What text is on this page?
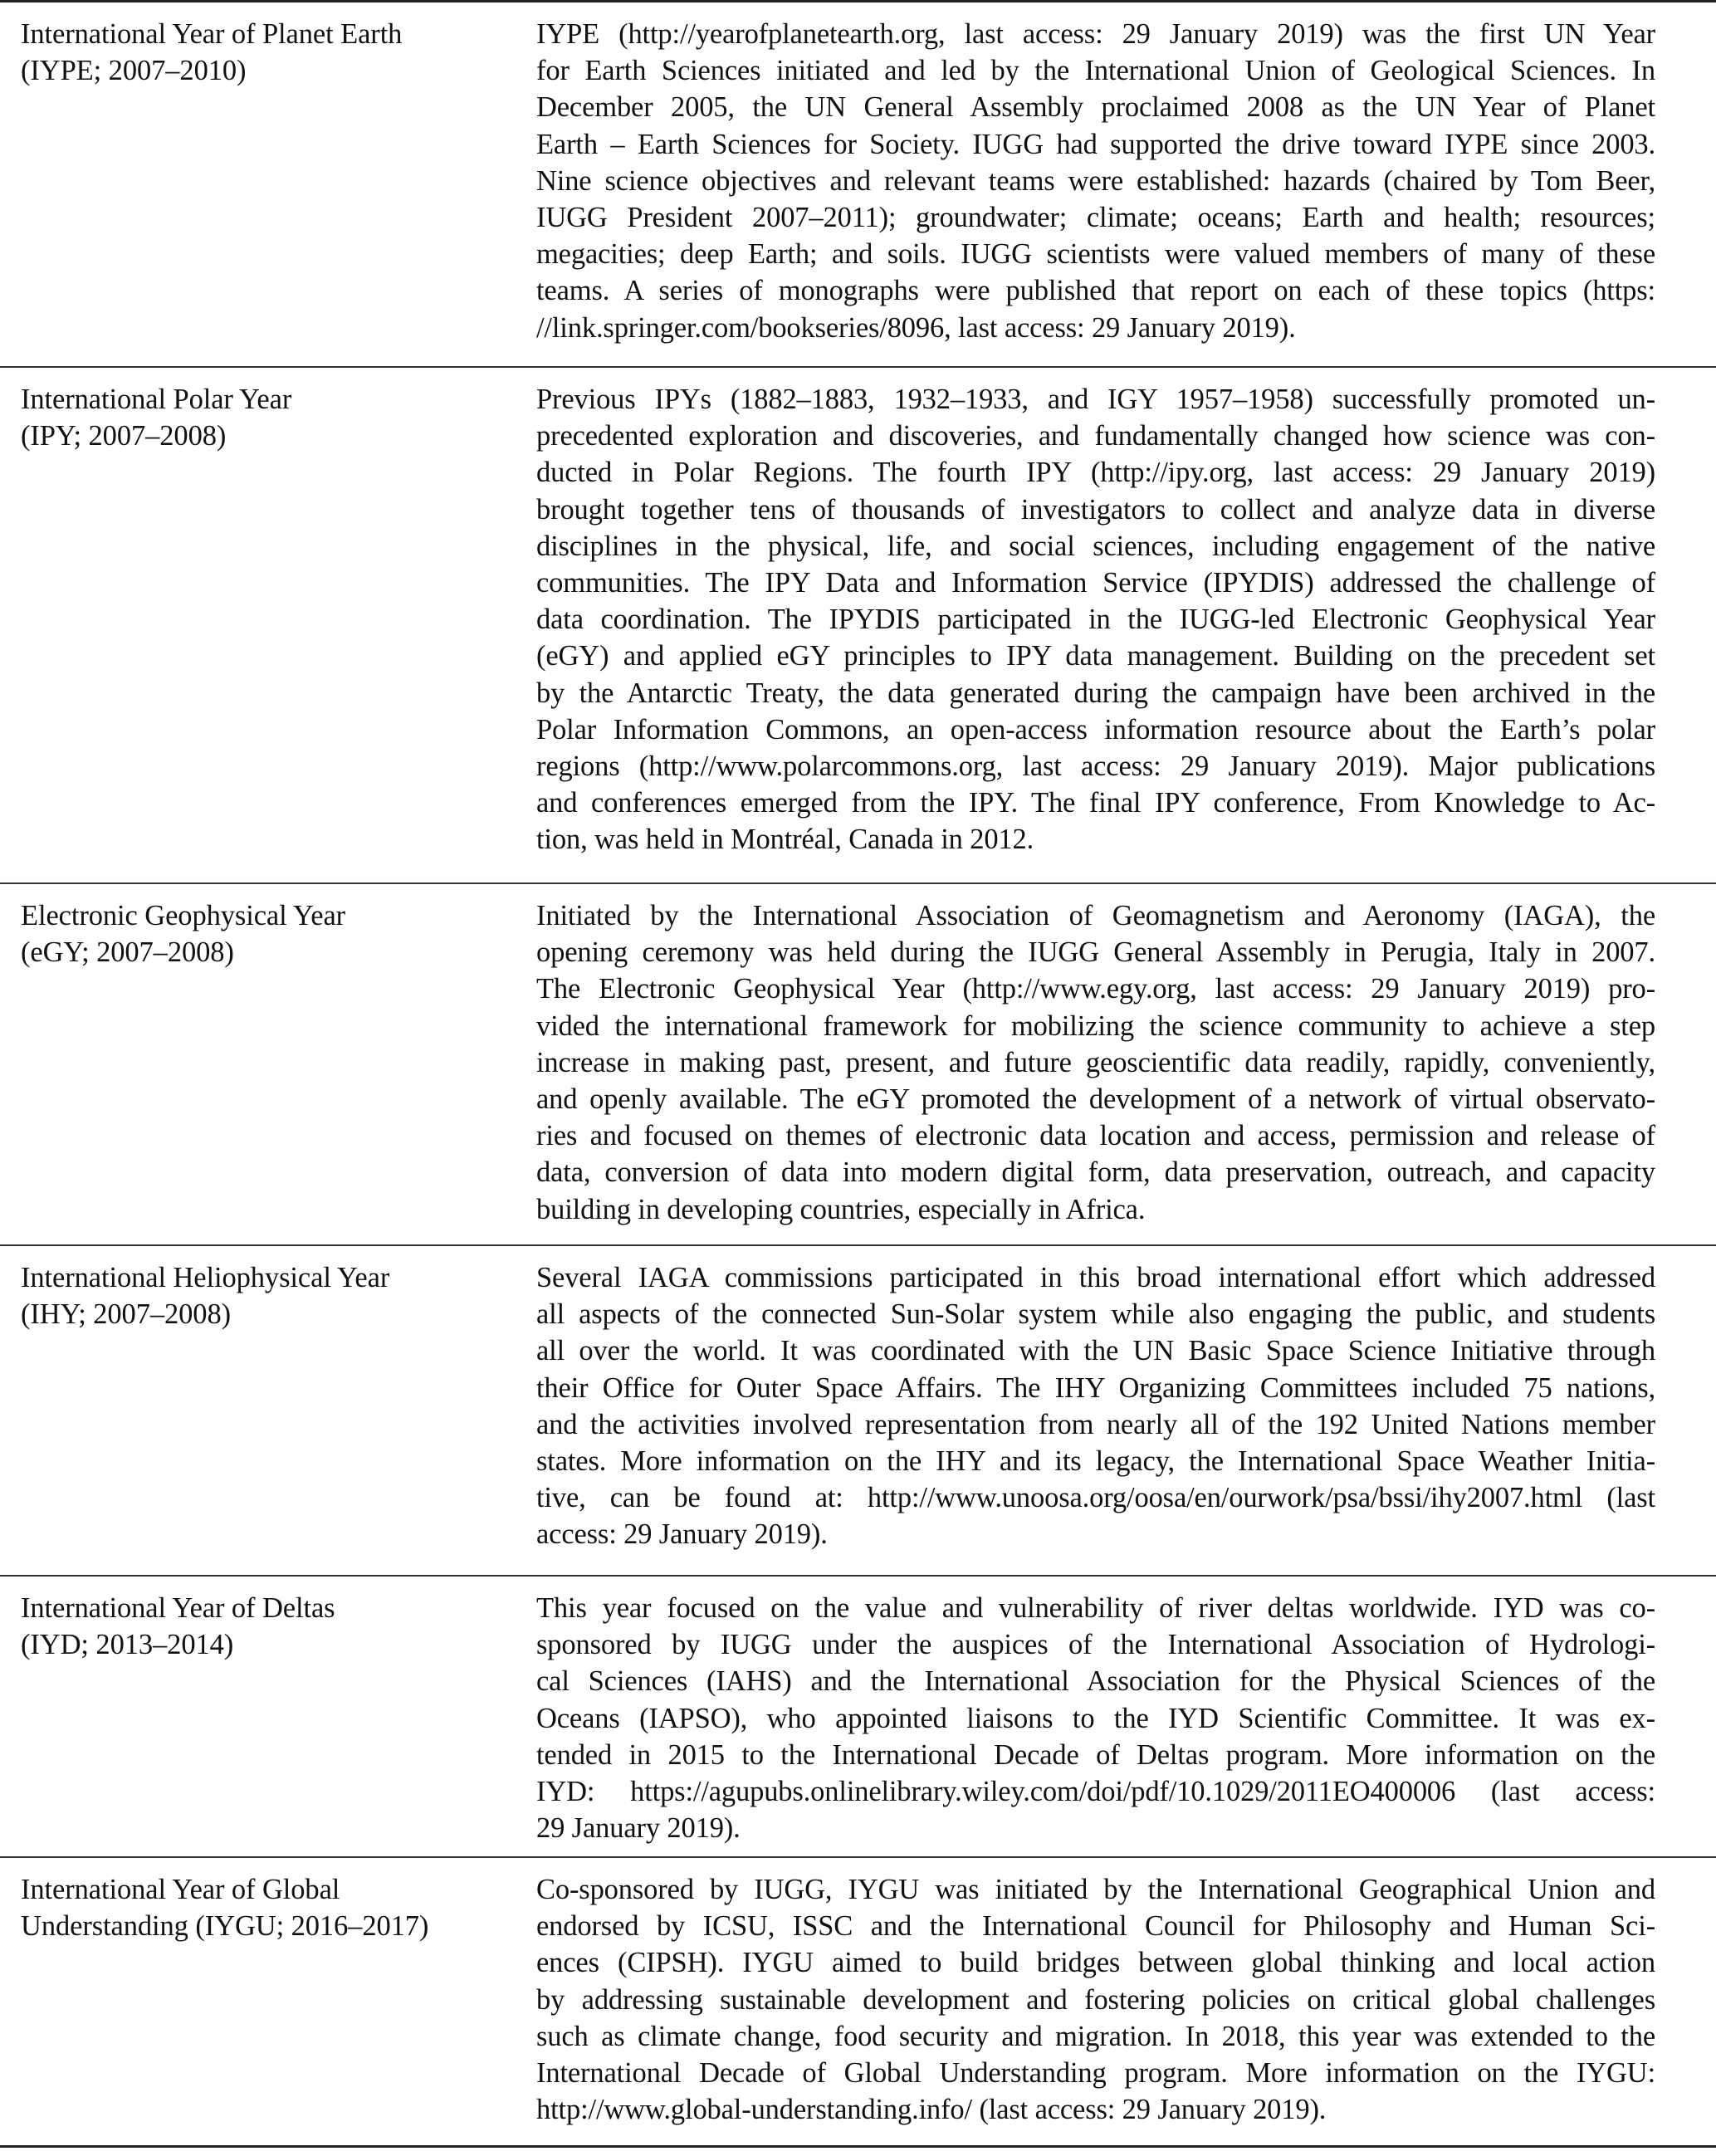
International Year of Planet Earth
(IYPE; 2007–2010)
IYPE (http://yearofplanetearth.org, last access: 29 January 2019) was the first UN Year
for Earth Sciences initiated and led by the International Union of Geological Sciences. In
December 2005, the UN General Assembly proclaimed 2008 as the UN Year of Planet
Earth – Earth Sciences for Society. IUGG had supported the drive toward IYPE since 2003.
Nine science objectives and relevant teams were established: hazards (chaired by Tom Beer,
IUGG President 2007–2011); groundwater; climate; oceans; Earth and health; resources;
megacities; deep Earth; and soils. IUGG scientists were valued members of many of these
teams. A series of monographs were published that report on each of these topics (https:
//link.springer.com/bookseries/8096, last access: 29 January 2019).
International Polar Year
(IPY; 2007–2008)
Previous IPYs (1882–1883, 1932–1933, and IGY 1957–1958) successfully promoted un-
precedented exploration and discoveries, and fundamentally changed how science was con-
ducted in Polar Regions. The fourth IPY (http://ipy.org, last access: 29 January 2019)
brought together tens of thousands of investigators to collect and analyze data in diverse
disciplines in the physical, life, and social sciences, including engagement of the native
communities. The IPY Data and Information Service (IPYDIS) addressed the challenge of
data coordination. The IPYDIS participated in the IUGG-led Electronic Geophysical Year
(eGY) and applied eGY principles to IPY data management. Building on the precedent set
by the Antarctic Treaty, the data generated during the campaign have been archived in the
Polar Information Commons, an open-access information resource about the Earth’s polar
regions (http://www.polarcommons.org, last access: 29 January 2019). Major publications
and conferences emerged from the IPY. The final IPY conference, From Knowledge to Ac-
tion, was held in Montréal, Canada in 2012.
Electronic Geophysical Year
(eGY; 2007–2008)
Initiated by the International Association of Geomagnetism and Aeronomy (IAGA), the
opening ceremony was held during the IUGG General Assembly in Perugia, Italy in 2007.
The Electronic Geophysical Year (http://www.egy.org, last access: 29 January 2019) pro-
vided the international framework for mobilizing the science community to achieve a step
increase in making past, present, and future geoscientific data readily, rapidly, conveniently,
and openly available. The eGY promoted the development of a network of virtual observato-
ries and focused on themes of electronic data location and access, permission and release of
data, conversion of data into modern digital form, data preservation, outreach, and capacity
building in developing countries, especially in Africa.
International Heliophysical Year
(IHY; 2007–2008)
Several IAGA commissions participated in this broad international effort which addressed
all aspects of the connected Sun-Solar system while also engaging the public, and students
all over the world. It was coordinated with the UN Basic Space Science Initiative through
their Office for Outer Space Affairs. The IHY Organizing Committees included 75 nations,
and the activities involved representation from nearly all of the 192 United Nations member
states. More information on the IHY and its legacy, the International Space Weather Initia-
tive, can be found at: http://www.unoosa.org/oosa/en/ourwork/psa/bssi/ihy2007.html (last
access: 29 January 2019).
International Year of Deltas
(IYD; 2013–2014)
This year focused on the value and vulnerability of river deltas worldwide. IYD was co-
sponsored by IUGG under the auspices of the International Association of Hydrologi-
cal Sciences (IAHS) and the International Association for the Physical Sciences of the
Oceans (IAPSO), who appointed liaisons to the IYD Scientific Committee. It was ex-
tended in 2015 to the International Decade of Deltas program. More information on the
IYD: https://agupubs.onlinelibrary.wiley.com/doi/pdf/10.1029/2011EO400006 (last access:
29 January 2019).
International Year of Global
Understanding (IYGU; 2016–2017)
Co-sponsored by IUGG, IYGU was initiated by the International Geographical Union and
endorsed by ICSU, ISSC and the International Council for Philosophy and Human Sci-
ences (CIPSH). IYGU aimed to build bridges between global thinking and local action
by addressing sustainable development and fostering policies on critical global challenges
such as climate change, food security and migration. In 2018, this year was extended to the
International Decade of Global Understanding program. More information on the IYGU:
http://www.global-understanding.info/ (last access: 29 January 2019).
